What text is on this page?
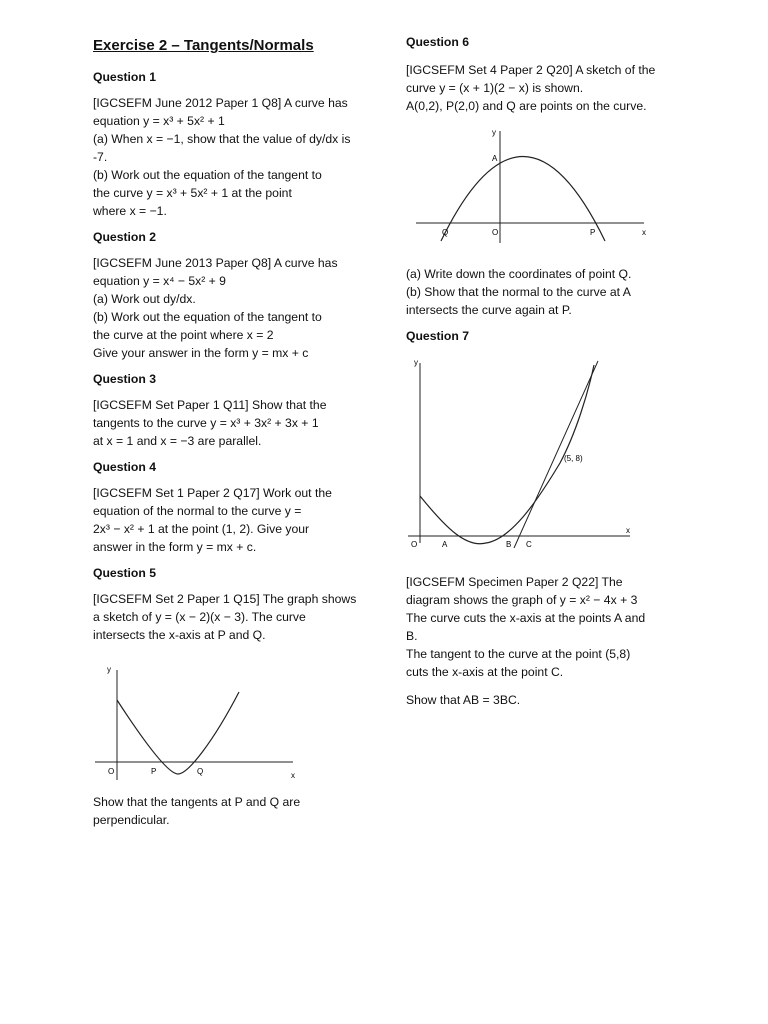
Exercise 2 – Tangents/Normals

Question 1

[IGCSEFM June 2012 Paper 1 Q8] A curve has

equation y = x³ + 5x² + 1

(a) When x = −1, show that the value of dy/dx is

-7.

(b) Work out the equation of the tangent to

the curve y = x³ + 5x² + 1 at the point

where x = −1.

Question 2

[IGCSEFM June 2013 Paper Q8] A curve has

equation y = x⁴ − 5x² + 9

(a) Work out dy/dx.

(b) Work out the equation of the tangent to

the curve at the point where x = 2

Give your answer in the form y = mx + c

Question 3

[IGCSEFM Set Paper 1 Q11] Show that the

tangents to the curve y = x³ + 3x² + 3x + 1

at x = 1 and x = −3 are parallel.

Question 4

[IGCSEFM Set 1 Paper 2 Q17] Work out the

equation of the normal to the curve y =

2x³ − x² + 1 at the point (1, 2). Give your

answer in the form y = mx + c.

Question 5

[IGCSEFM Set 2 Paper 1 Q15] The graph shows

a sketch of y = (x − 2)(x − 3). The curve

intersects the x-axis at P and Q.

y
x
O	P	Q

Show that the tangents at P and Q are

perpendicular.

Question 6

[IGCSEFM Set 4 Paper 2 Q20] A sketch of the

curve y = (x + 1)(2 − x) is shown.

A(0,2), P(2,0) and Q are points on the curve.

y
x
O
A
Q	P

(a) Write down the coordinates of point Q.

(b) Show that the normal to the curve at A

intersects the curve again at P.

Question 7

y
x
O	A	B C
(5, 8)

[IGCSEFM Specimen Paper 2 Q22] The

diagram shows the graph of y = x² − 4x + 3

The curve cuts the x-axis at the points A and

B.

The tangent to the curve at the point (5,8)

cuts the x-axis at the point C.

Show that AB = 3BC.
